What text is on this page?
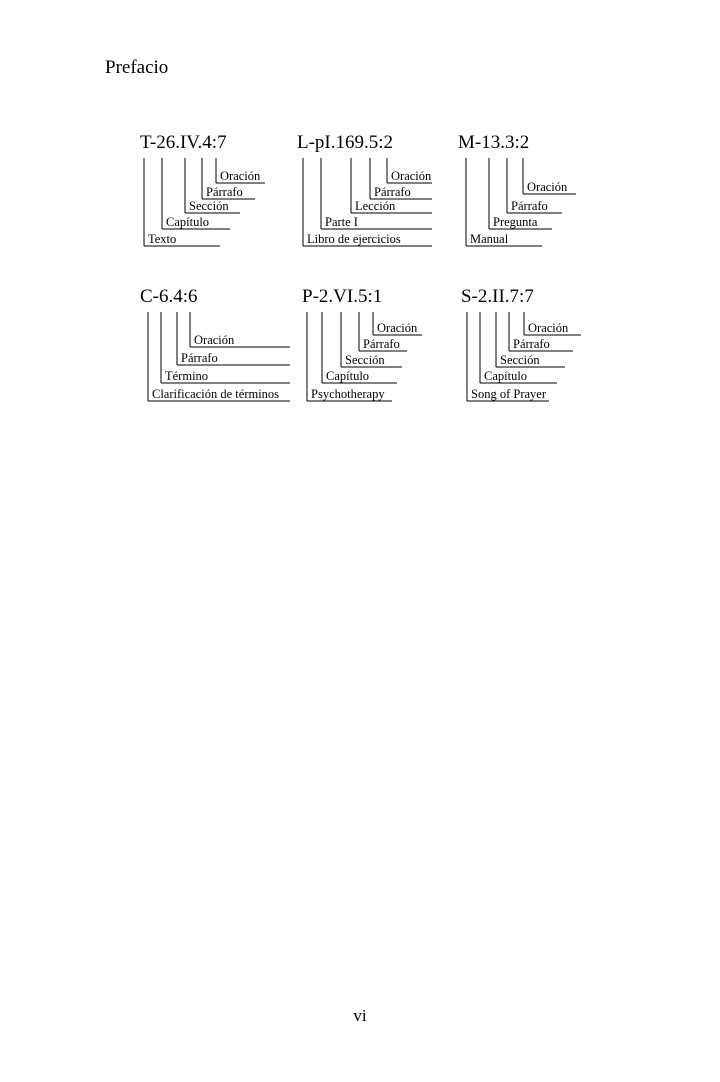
Prefacio
T-26.IV.4:7
Oración
Párrafo
Sección
Capítulo
Texto
L-pI.169.5:2
Oración
Párrafo
Lección
Parte I
Libro de ejercicios
M-13.3:2
Oración
Párrafo
Pregunta
Manual
C-6.4:6
Oración
Párrafo
Término
Clarificación de términos
P-2.VI.5:1
Oración
Párrafo
Sección
Capítulo
Psychotherapy
S-2.II.7:7
Oración
Párrafo
Sección
Capítulo
Song of Prayer
vi
